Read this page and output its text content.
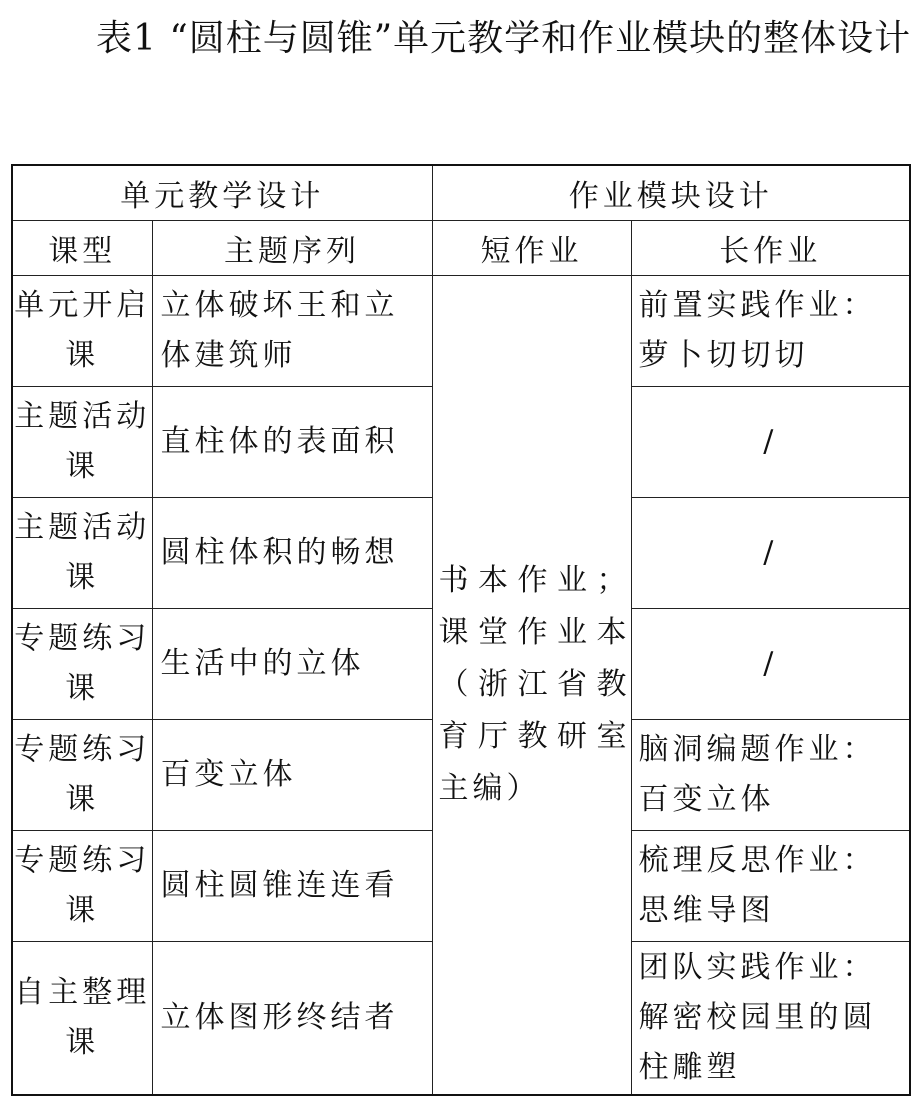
表1 “圆柱与圆锥”单元教学和作业模块的整体设计
单元教学设计		作业模块设计	
课型	主题序列	短作业	长作业
单元开启课	立体破坏王和立体建筑师	书本作业；课堂作业本（浙江省教育厅教研室主编）	前置实践作业：萝卜切切切
主题活动课	直柱体的表面积		/
主题活动课	圆柱体积的畅想		/
专题练习课	生活中的立体		/
专题练习课	百变立体		脑洞编题作业：百变立体
专题练习课	圆柱圆锥连连看		梳理反思作业：思维导图
自主整理课	立体图形终结者		团队实践作业：解密校园里的圆柱雕塑
